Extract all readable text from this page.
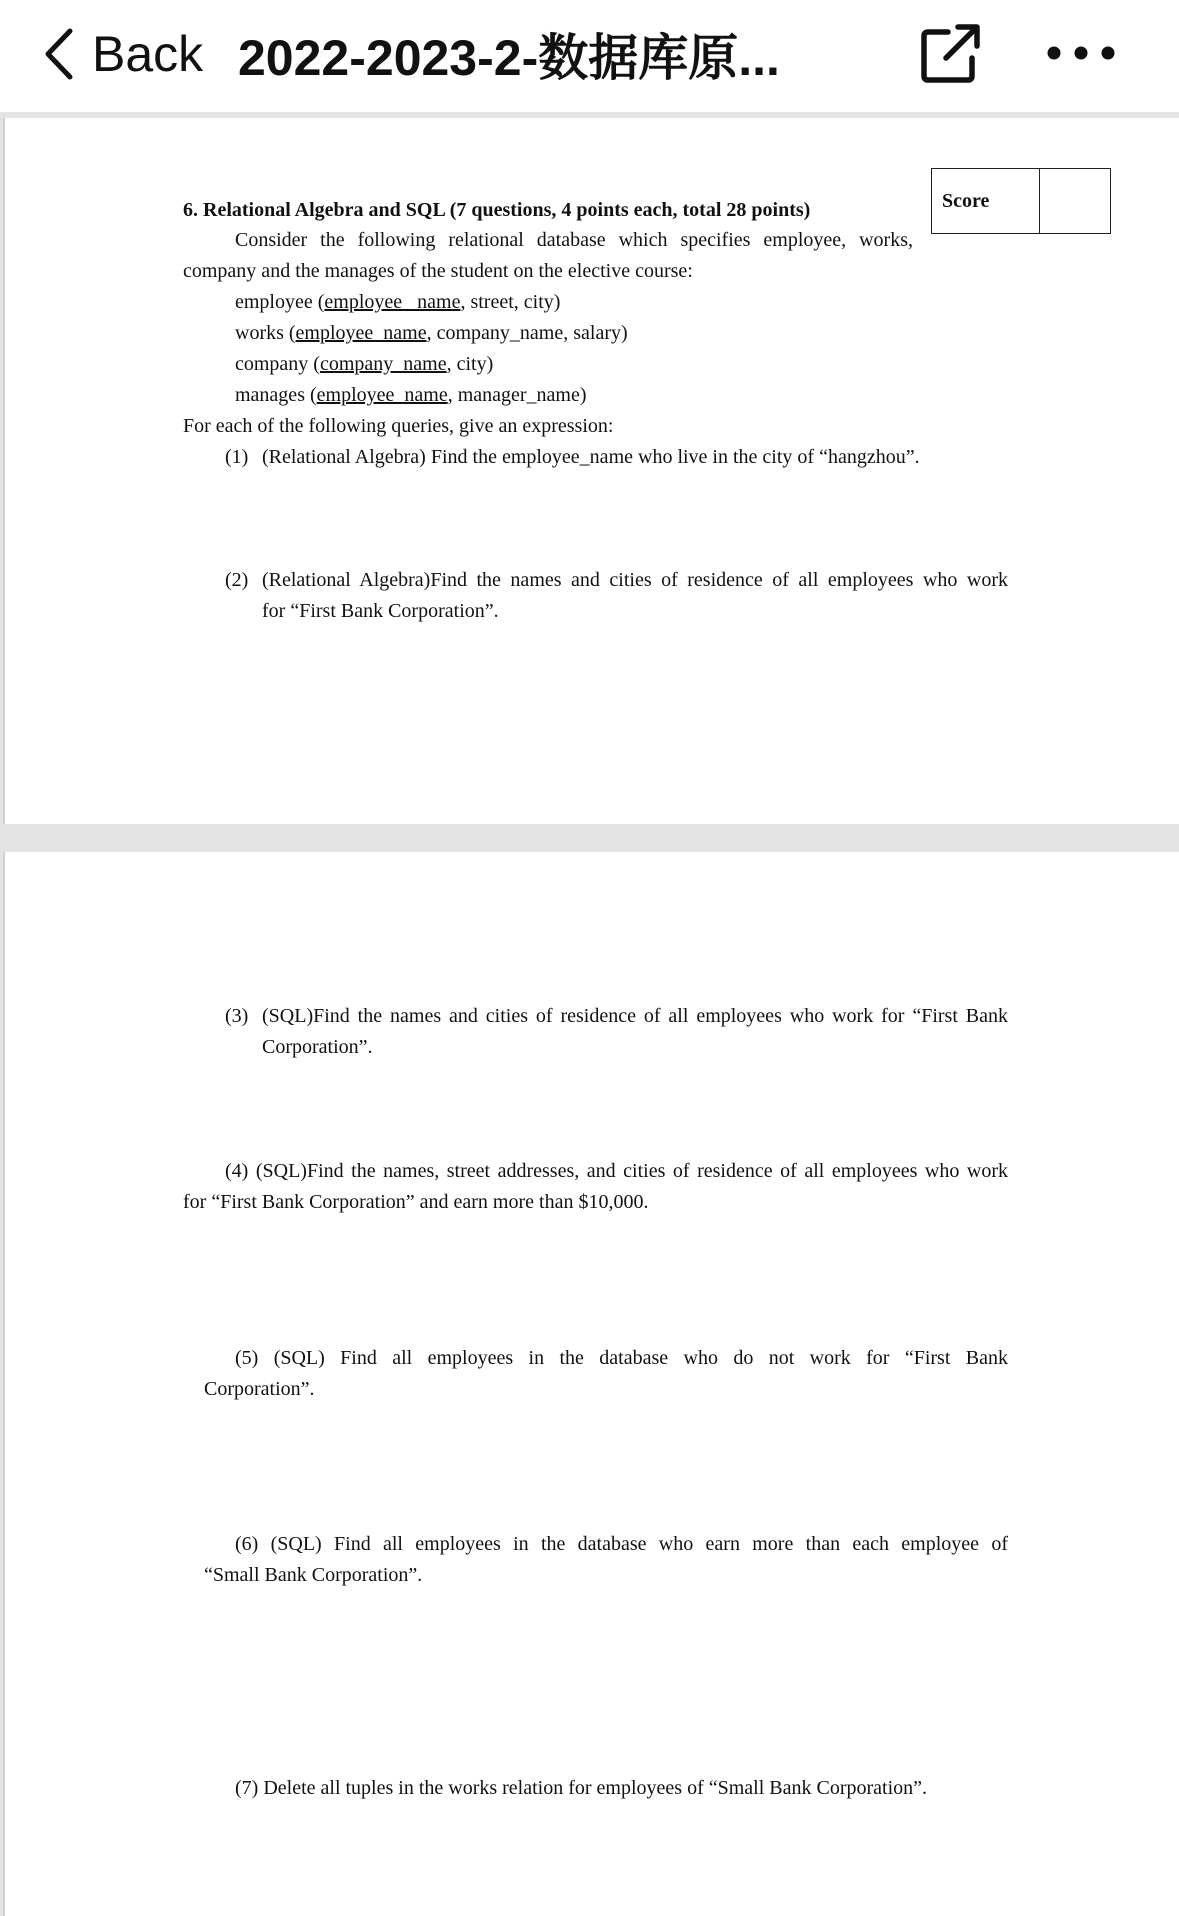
Back 2022-2023-2-数据库原...
6. Relational Algebra and SQL (7 questions, 4 points each, total 28 points)	Score
Consider the following relational database which specifies employee, works,
company and the manages of the student on the elective course:
employee (employee_ name, street, city)
works (employee_name, company_name, salary)
company (company_name, city)
manages (employee_name, manager_name)
For each of the following queries, give an expression:
(1) (Relational Algebra) Find the employee_name who live in the city of “hangzhou”.
(2) (Relational Algebra)Find the names and cities of residence of all employees who work
for “First Bank Corporation”.
(3) (SQL)Find the names and cities of residence of all employees who work for “First Bank
Corporation”.
(4) (SQL)Find the names, street addresses, and cities of residence of all employees who work
for “First Bank Corporation” and earn more than $10,000.
(5) (SQL) Find all employees in the database who do not work for “First Bank
Corporation”.
(6) (SQL) Find all employees in the database who earn more than each employee of
“Small Bank Corporation”.
(7) Delete all tuples in the works relation for employees of “Small Bank Corporation”.
